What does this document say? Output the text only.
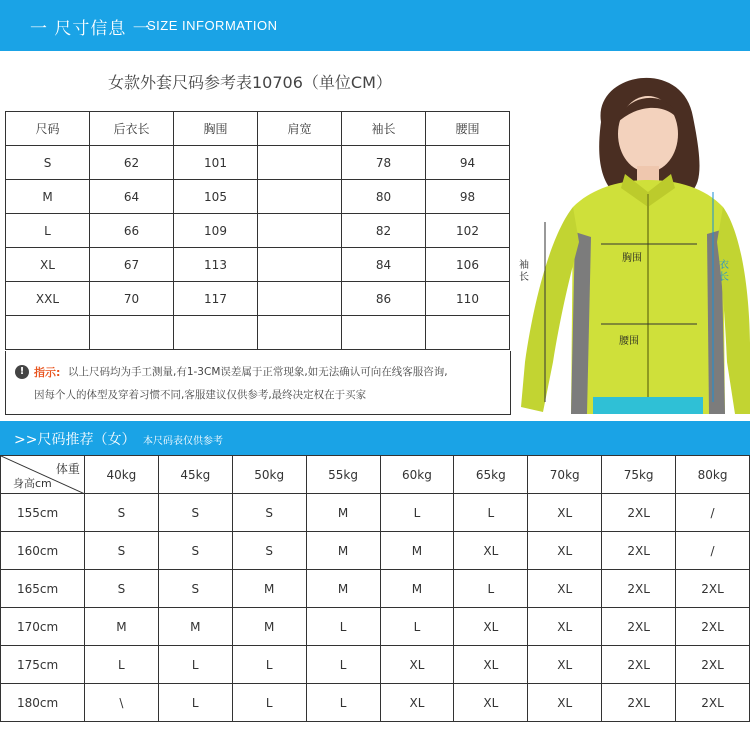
一 尺寸信息 一
SIZE INFORMATION
女款外套尺码参考表10706（单位CM）
尺码	后衣长	胸围	肩宽	袖长	腰围
S	62	101		78	94
M	64	105		80	98
L	66	109		82	102
XL	67	113		84	106
XXL	70	117		86	110

! 指示: 以上尺码均为手工测量,有1-3CM误差属于正常现象,如无法确认可向在线客服咨询,
因每个人的体型及穿着习惯不同,客服建议仅供参考,最终决定权在于买家
胸围
腰围
袖长
衣长
>>尺码推荐（女） 本尺码表仅供参考
体重
身高cm	40kg	45kg	50kg	55kg	60kg	65kg	70kg	75kg	80kg
155cm	S	S	S	M	L	L	XL	2XL	/
160cm	S	S	S	M	M	XL	XL	2XL	/
165cm	S	S	M	M	M	L	XL	2XL	2XL
170cm	M	M	M	L	L	XL	XL	2XL	2XL
175cm	L	L	L	L	XL	XL	XL	2XL	2XL
180cm	\	L	L	L	XL	XL	XL	2XL	2XL
